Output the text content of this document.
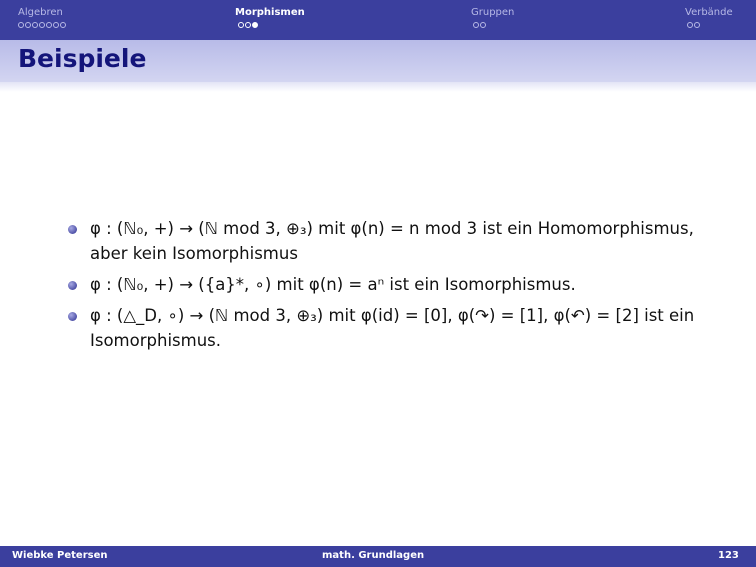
Algebren	Morphismen	Gruppen	Verbände
Beispiele
φ : (ℕ₀, +) → (ℕ mod 3, ⊕₃) mit φ(n) = n mod 3 ist ein Homomorphismus, aber kein Isomorphismus
φ : (ℕ₀, +) → ({a}*, ∘) mit φ(n) = aⁿ ist ein Isomorphismus.
φ : (△_D, ∘) → (ℕ mod 3, ⊕₃) mit φ(id) = [0], φ(↷) = [1], φ(↶) = [2] ist ein Isomorphismus.
Wiebke Petersen	math. Grundlagen	123
